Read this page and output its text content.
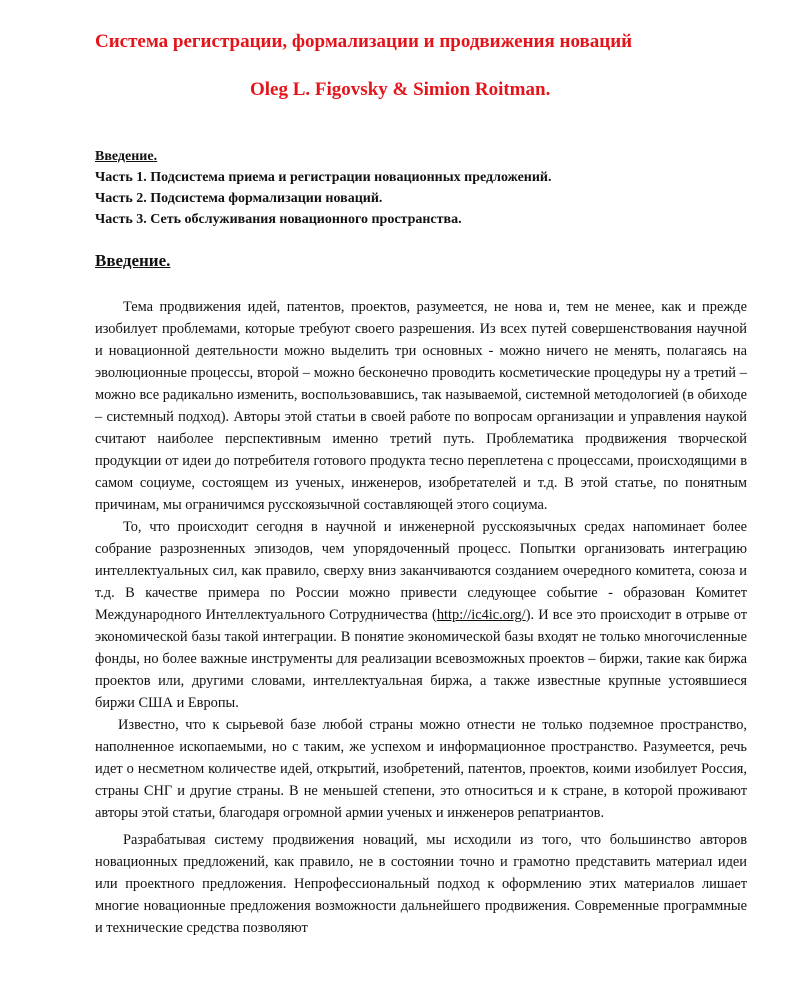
Система регистрации, формализации и продвижения новаций
Oleg L. Figovsky & Simion Roitman.
Введение.
Часть 1. Подсистема приема и регистрации новационных предложений.
Часть 2. Подсистема формализации новаций.
Часть 3. Сеть обслуживания новационного пространства.
Введение.

Тема продвижения идей, патентов, проектов, разумеется, не нова и, тем не менее, как и прежде изобилует проблемами, которые требуют своего разрешения. Из всех путей совершенствования научной и новационной деятельности можно выделить три основных - можно ничего не менять, полагаясь на эволюционные процессы, второй – можно бесконечно проводить косметические процедуры ну а третий – можно все радикально изменить, воспользовавшись, так называемой, системной методологией (в обиходе – системный подход). Авторы этой статьи в своей работе по вопросам организации и управления наукой считают наиболее перспективным именно третий путь. Проблематика продвижения творческой продукции от идеи до потребителя готового продукта тесно переплетена с процессами, происходящими в самом социуме, состоящем из ученых, инженеров, изобретателей и т.д. В этой статье, по понятным причинам, мы ограничимся русскоязычной составляющей этого социума.

То, что происходит сегодня в научной и инженерной русскоязычных средах напоминает более собрание разрозненных эпизодов, чем упорядоченный процесс. Попытки организовать интеграцию интеллектуальных сил, как правило, сверху вниз заканчиваются созданием очередного комитета, союза и т.д. В качестве примера по России можно привести следующее событие - образован Комитет Международного Интеллектуального Сотрудничества (http://ic4ic.org/). И все это происходит в отрыве от экономической базы такой интеграции. В понятие экономической базы входят не только многочисленные фонды, но более важные инструменты для реализации всевозможных проектов – биржи, такие как биржа проектов или, другими словами, интеллектуальная биржа, а также известные крупные устоявшиеся биржи США и Европы.

Известно, что к сырьевой базе любой страны можно отнести не только подземное пространство, наполненное ископаемыми, но с таким, же успехом и информационное пространство. Разумеется, речь идет о несметном количестве идей, открытий, изобретений, патентов, проектов, коими изобилует Россия, страны СНГ и другие страны. В не меньшей степени, это относиться и к стране, в которой проживают авторы этой статьи, благодаря огромной армии ученых и инженеров репатриантов.

Разрабатывая систему продвижения новаций, мы исходили из того, что большинство авторов новационных предложений, как правило, не в состоянии точно и грамотно представить материал идеи или проектного предложения. Непрофессиональный подход к оформлению этих материалов лишает многие новационные предложения возможности дальнейшего продвижения. Современные программные и технические средства позволяют
